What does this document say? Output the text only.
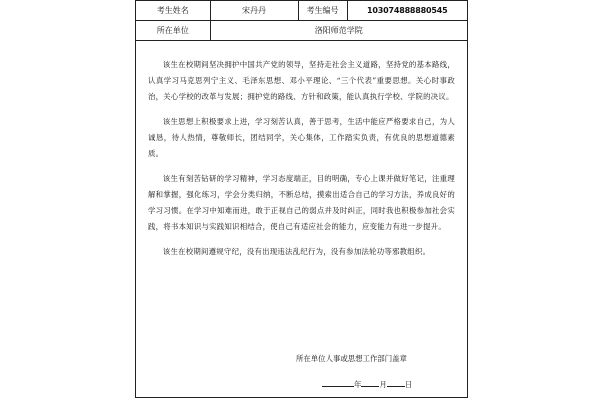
考生姓名	宋丹丹	考生编号	103074888880545
所在单位	洛阳师范学院		

该生在校期间坚决拥护中国共产党的领导，坚持走社会主义道路，坚持党的基本路线，认真学习马克思列宁主义、毛泽东思想、邓小平理论、“三个代表”重要思想。关心时事政治，关心学校的改革与发展；拥护党的路线、方针和政策，能认真执行学校、学院的决议。

该生思想上积极要求上进，学习刻苦认真，善于思考，生活中能应严格要求自己，为人诚恳，待人热情，尊敬师长，团结同学，关心集体，工作踏实负责，有优良的思想道德素质。

该生有刻苦钻研的学习精神，学习态度端正，目的明确，专心上课并做好笔记，注重理解和掌握，强化练习，学会分类归纳，不断总结，摸索出适合自己的学习方法，养成良好的学习习惯。在学习中知难而进，敢于正视自己的弱点并及时纠正，同时我也积极参加社会实践，将书本知识与实践知识相结合，使自己有适应社会的能力，应变能力有进一步提升。

该生在校期间遵规守纪，没有出现违法乱纪行为，没有参加法轮功等邪教组织。

所在单位人事或思想工作部门盖章
年 月 日
